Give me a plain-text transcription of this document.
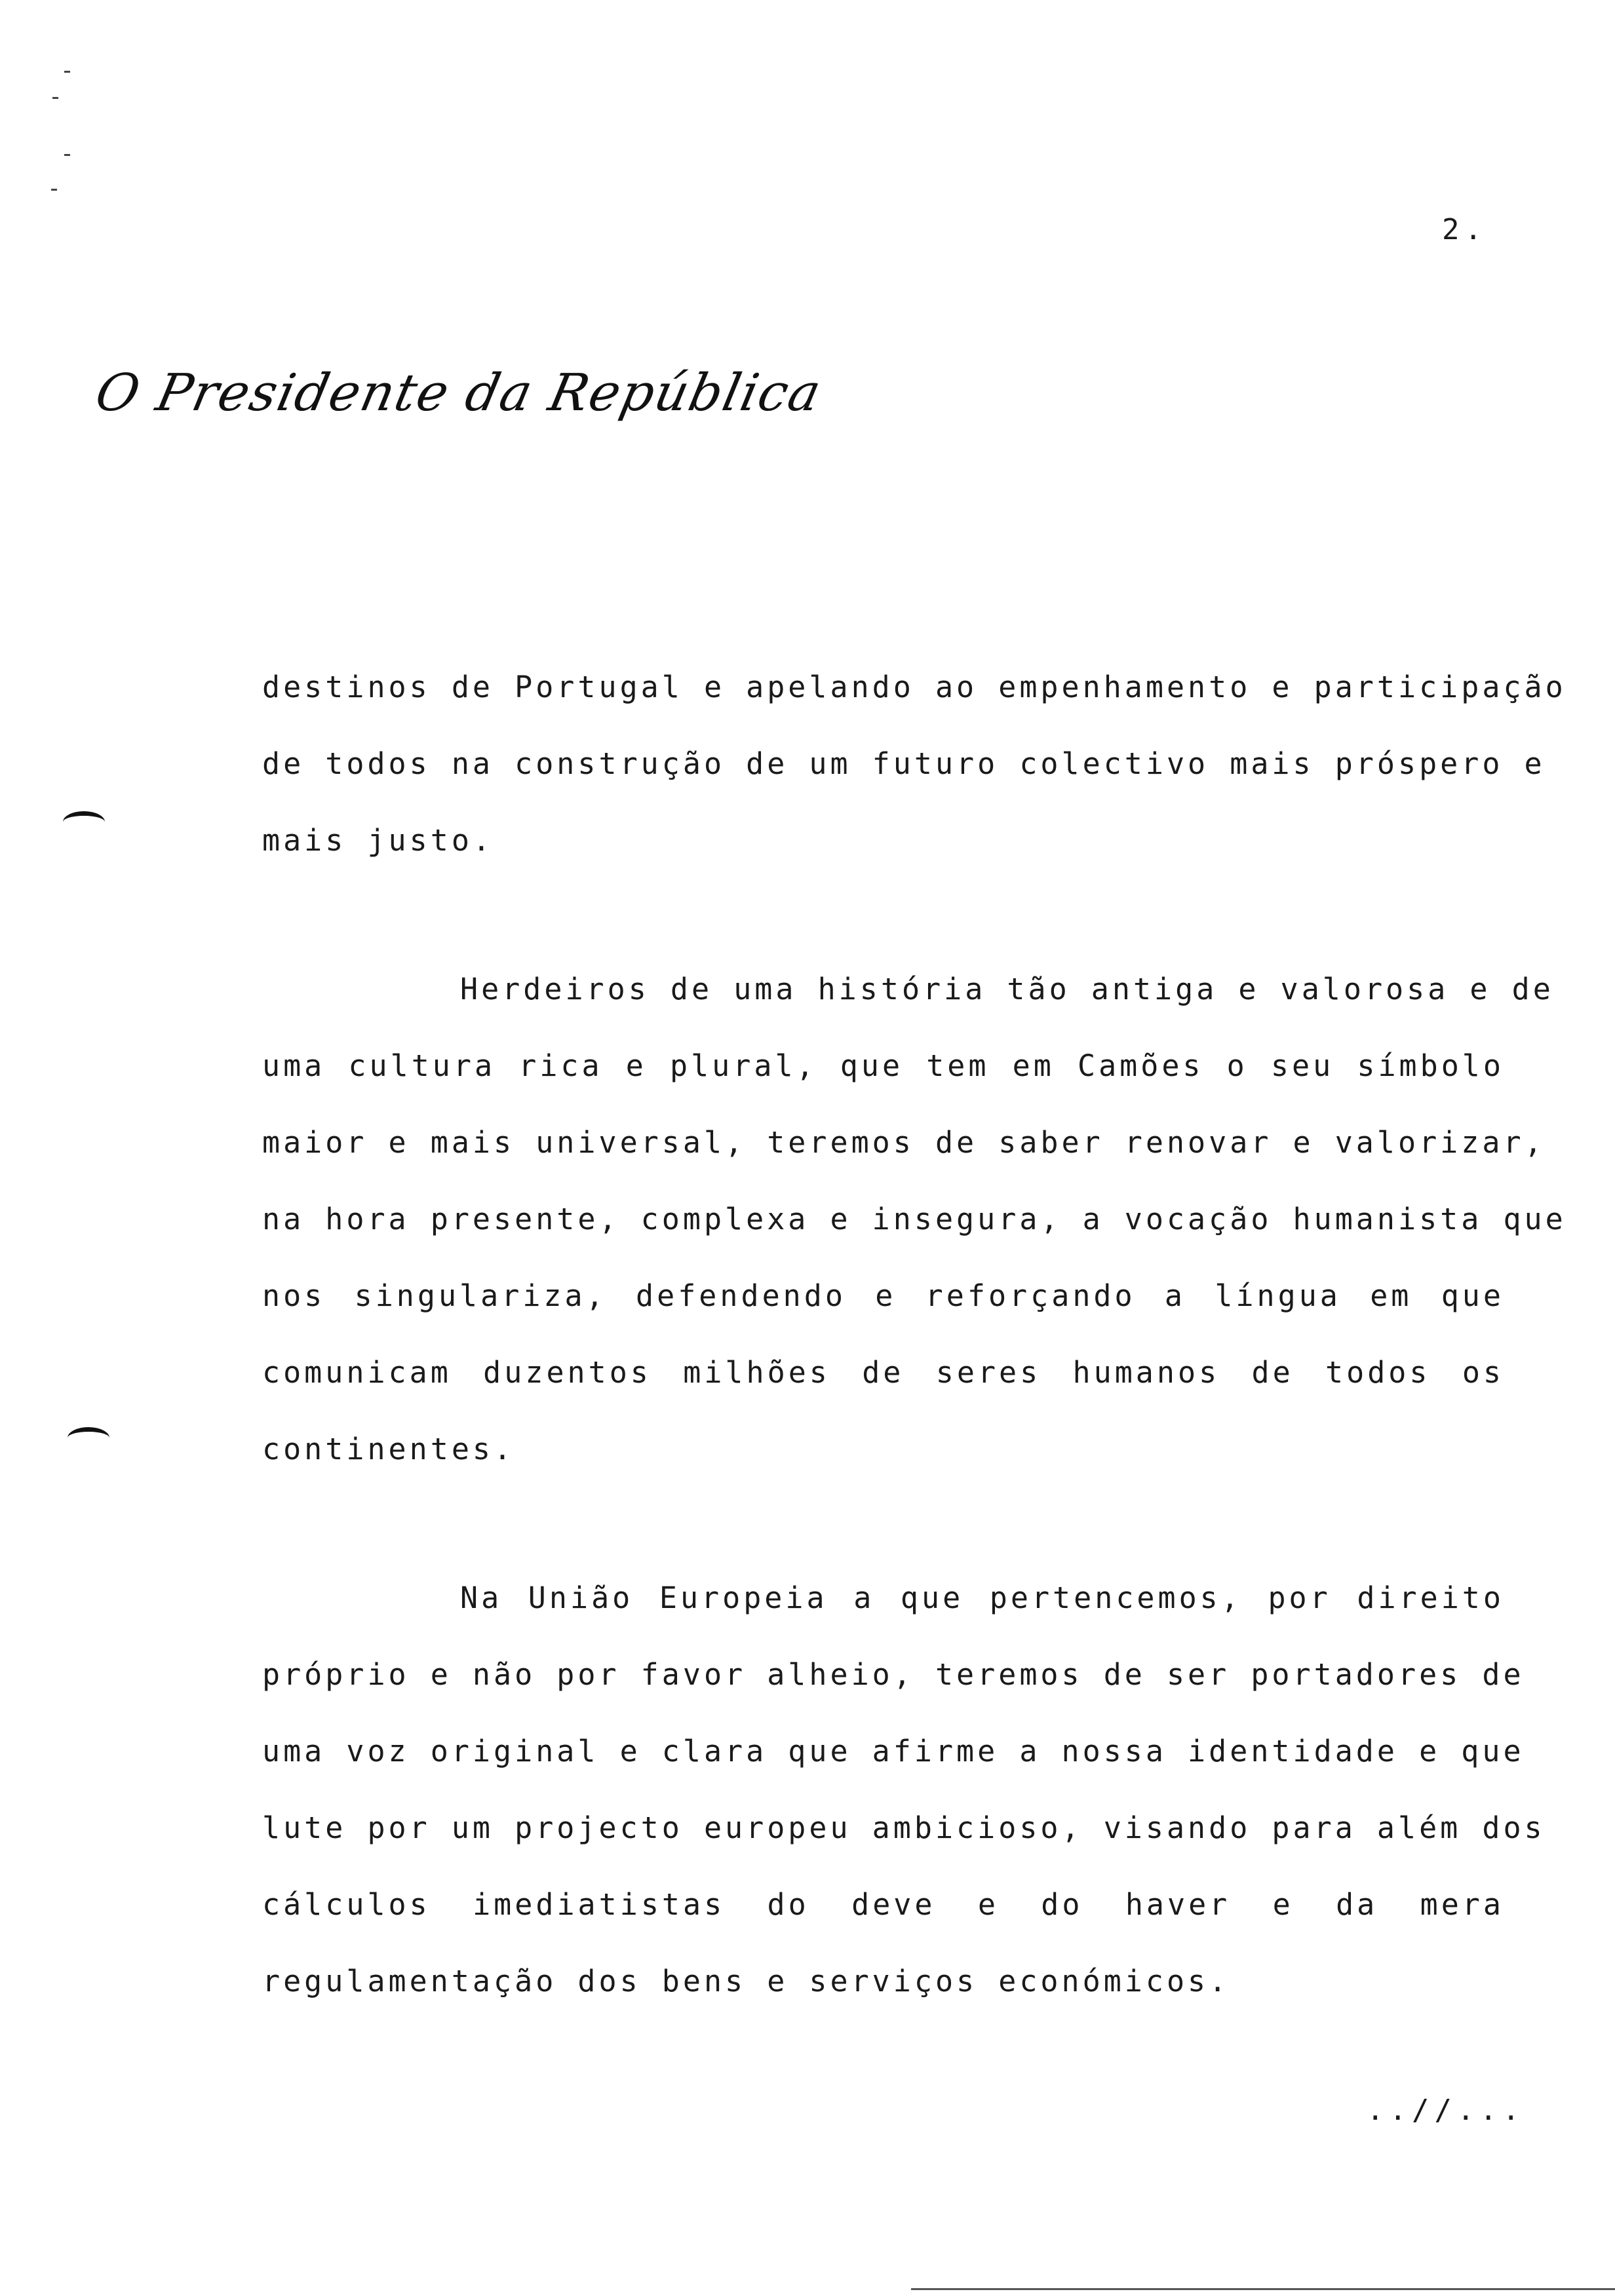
2.
O Presidente da República
destinos de Portugal e apelando ao empenhamento e participação
de todos na construção de um futuro colectivo mais próspero e
mais justo.
Herdeiros de uma história tão antiga e valorosa e de
uma cultura rica e plural, que tem em Camões o seu símbolo
maior e mais universal, teremos de saber renovar e valorizar,
na hora presente, complexa e insegura, a vocação humanista que
nos singulariza, defendendo e reforçando a língua em que
comunicam duzentos milhões de seres humanos de todos os
continentes.
Na União Europeia a que pertencemos, por direito
próprio e não por favor alheio, teremos de ser portadores de
uma voz original e clara que afirme a nossa identidade e que
lute por um projecto europeu ambicioso, visando para além dos
cálculos imediatistas do deve e do haver e da mera
regulamentação dos bens e serviços económicos.
..//...
